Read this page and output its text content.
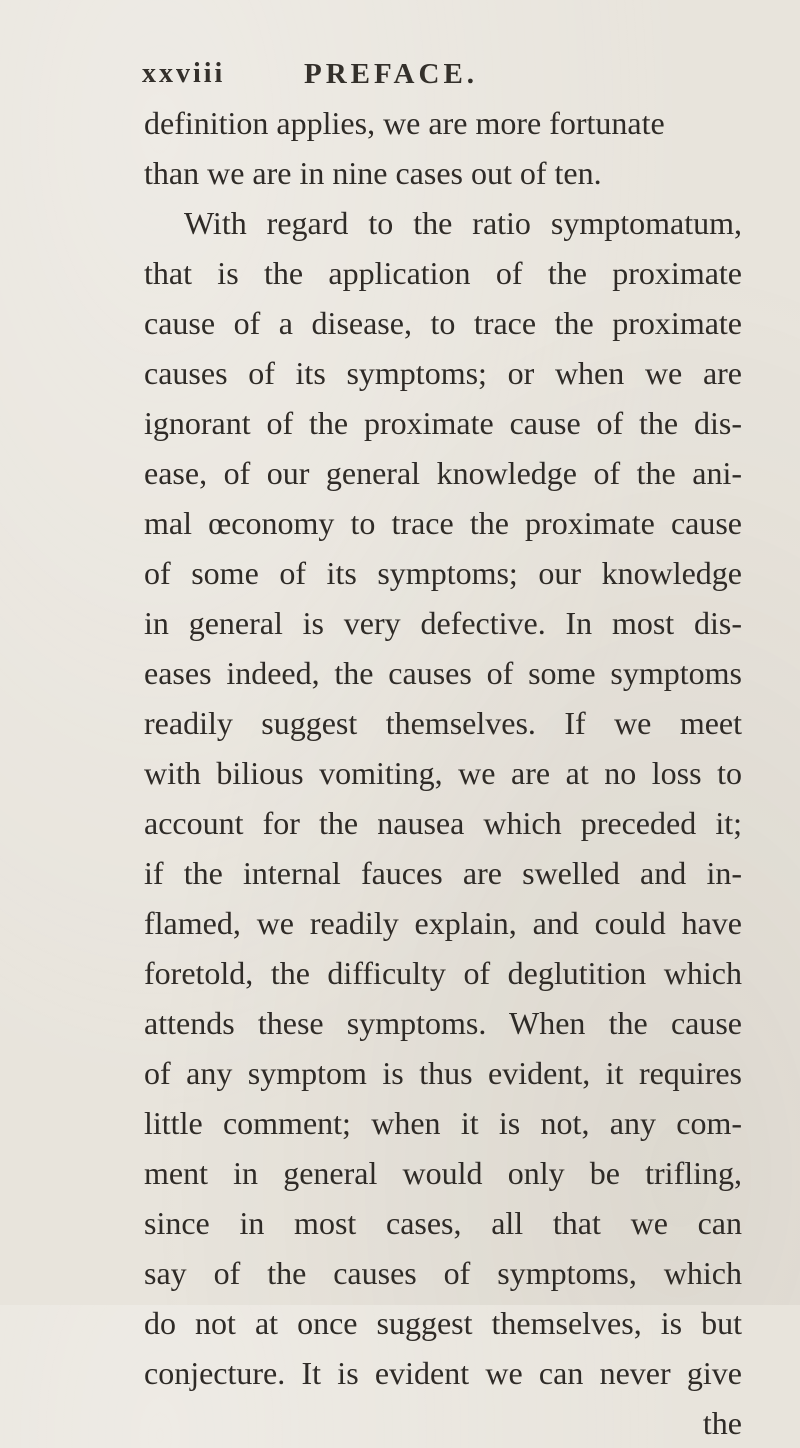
xxviii	PREFACE.
definition applies, we are more fortunate
than we are in nine cases out of ten.
With regard to the ratio symptomatum,
that is the application of the proximate
cause of a disease, to trace the proximate
causes of its symptoms; or when we are
ignorant of the proximate cause of the dis-
ease, of our general knowledge of the ani-
mal œconomy to trace the proximate cause
of some of its symptoms; our knowledge
in general is very defective. In most dis-
eases indeed, the causes of some symptoms
readily suggest themselves. If we meet
with bilious vomiting, we are at no loss to
account for the nausea which preceded it;
if the internal fauces are swelled and in-
flamed, we readily explain, and could have
foretold, the difficulty of deglutition which
attends these symptoms. When the cause
of any symptom is thus evident, it requires
little comment; when it is not, any com-
ment in general would only be trifling,
since in most cases, all that we can
say of the causes of symptoms, which
do not at once suggest themselves, is but
conjecture. It is evident we can never give
the
